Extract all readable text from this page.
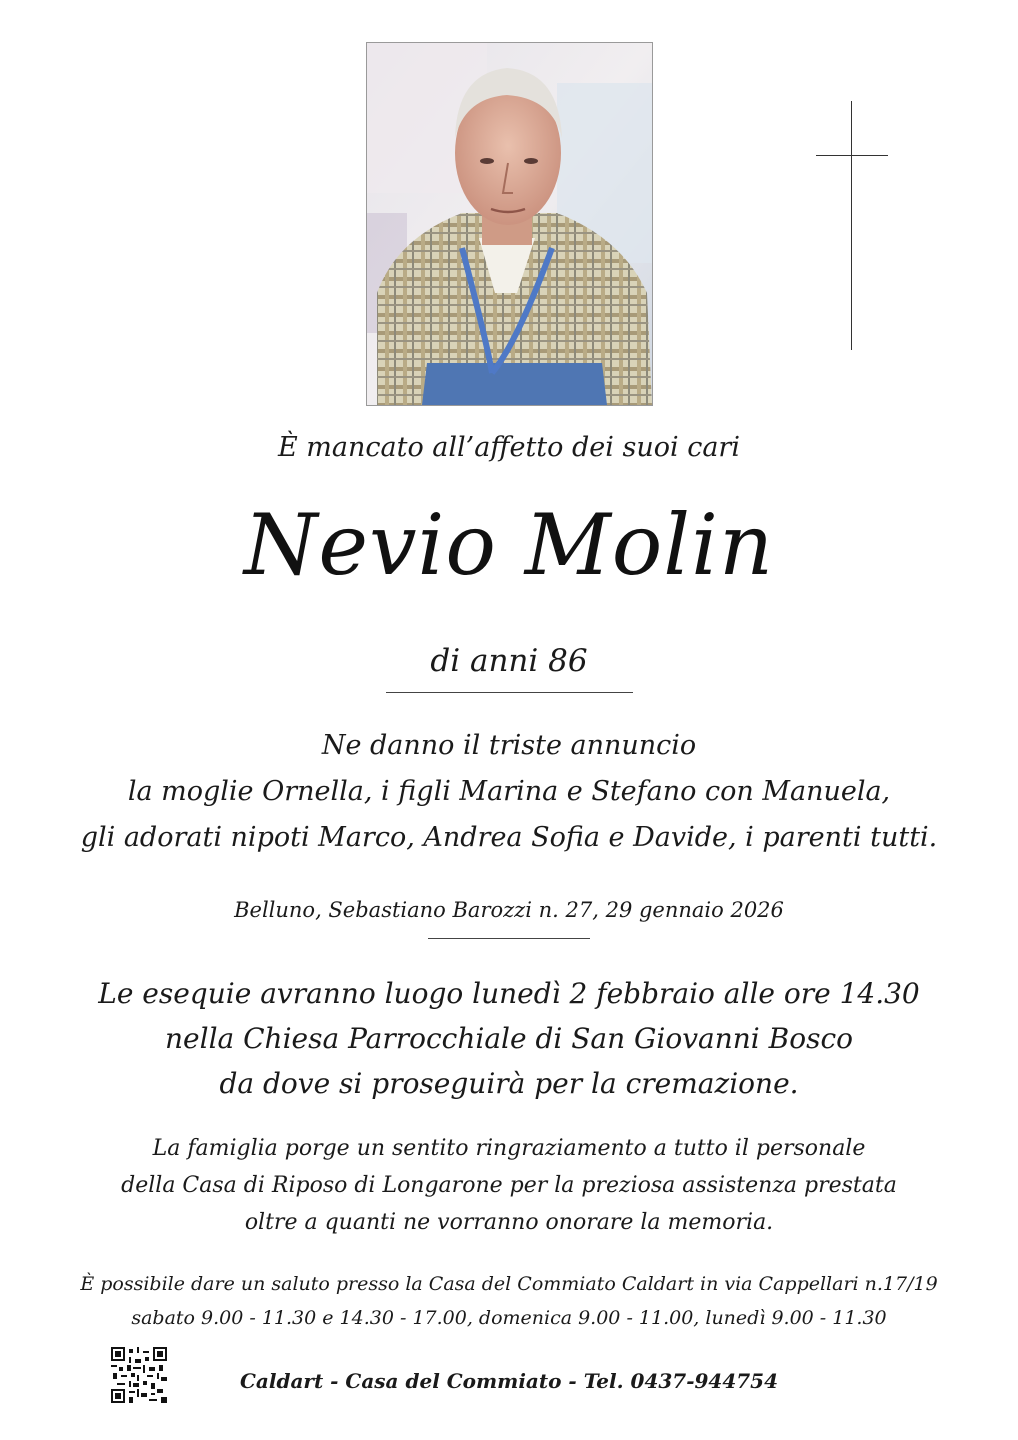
È mancato all’affetto dei suoi cari
Nevio Molin
di anni 86
Ne danno il triste annuncio
la moglie Ornella, i figli Marina e Stefano con Manuela,
gli adorati nipoti Marco, Andrea Sofia e Davide, i parenti tutti.
Belluno, Sebastiano Barozzi n. 27, 29 gennaio 2026
Le esequie avranno luogo lunedì 2 febbraio alle ore 14.30
nella Chiesa Parrocchiale di San Giovanni Bosco
da dove si proseguirà per la cremazione.
La famiglia porge un sentito ringraziamento a tutto il personale
della Casa di Riposo di Longarone per la preziosa assistenza prestata
oltre a quanti ne vorranno onorare la memoria.
È possibile dare un saluto presso la Casa del Commiato Caldart in via Cappellari n.17/19
sabato 9.00 - 11.30 e 14.30 - 17.00, domenica 9.00 - 11.00, lunedì 9.00 - 11.30
Caldart - Casa del Commiato - Tel. 0437-944754
